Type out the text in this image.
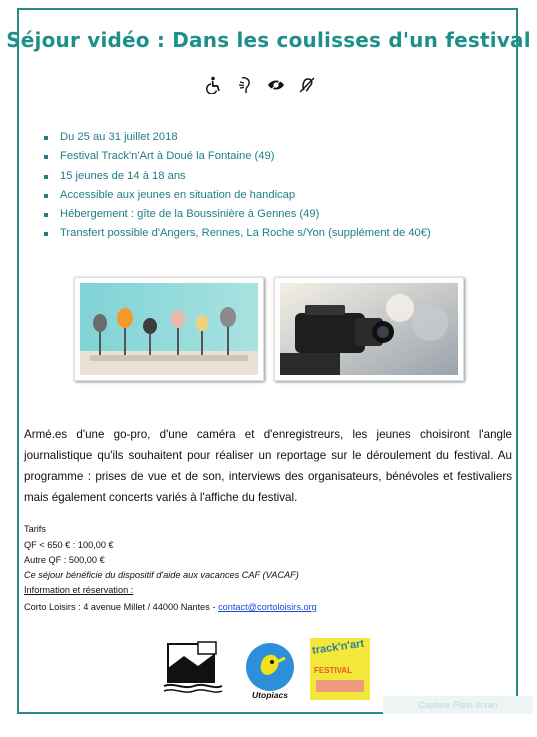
Séjour vidéo : Dans les coulisses d'un festival
Du 25 au 31 juillet 2018
Festival Track'n'Art à Doué la Fontaine (49)
15 jeunes de 14 à 18 ans
Accessible aux jeunes en situation de handicap
Hébergement : gîte de la Boussinière à Gennes (49)
Transfert possible d'Angers, Rennes, La Roche s/Yon (supplément de 40€)

Armé.es d'une go-pro, d'une caméra et d'enregistreurs, les jeunes choisiront l'angle journalistique qu'ils souhaitent pour réaliser un reportage sur le déroulement du festival. Au programme : prises de vue et de son, interviews des organisateurs, bénévoles et festivaliers mais également concerts variés à l'affiche du festival.

Tarifs
QF < 650 € : 100,00 €
Autre QF : 500,00 €
Ce séjour bénéficie du dispositif d'aide aux vacances CAF (VACAF)
Information et réservation :
Corto Loisirs : 4 avenue Millet / 44000 Nantes - contact@cortoloisirs.org
Utopiacs
track'n'art
FESTIVAL
Capture Plein écran
